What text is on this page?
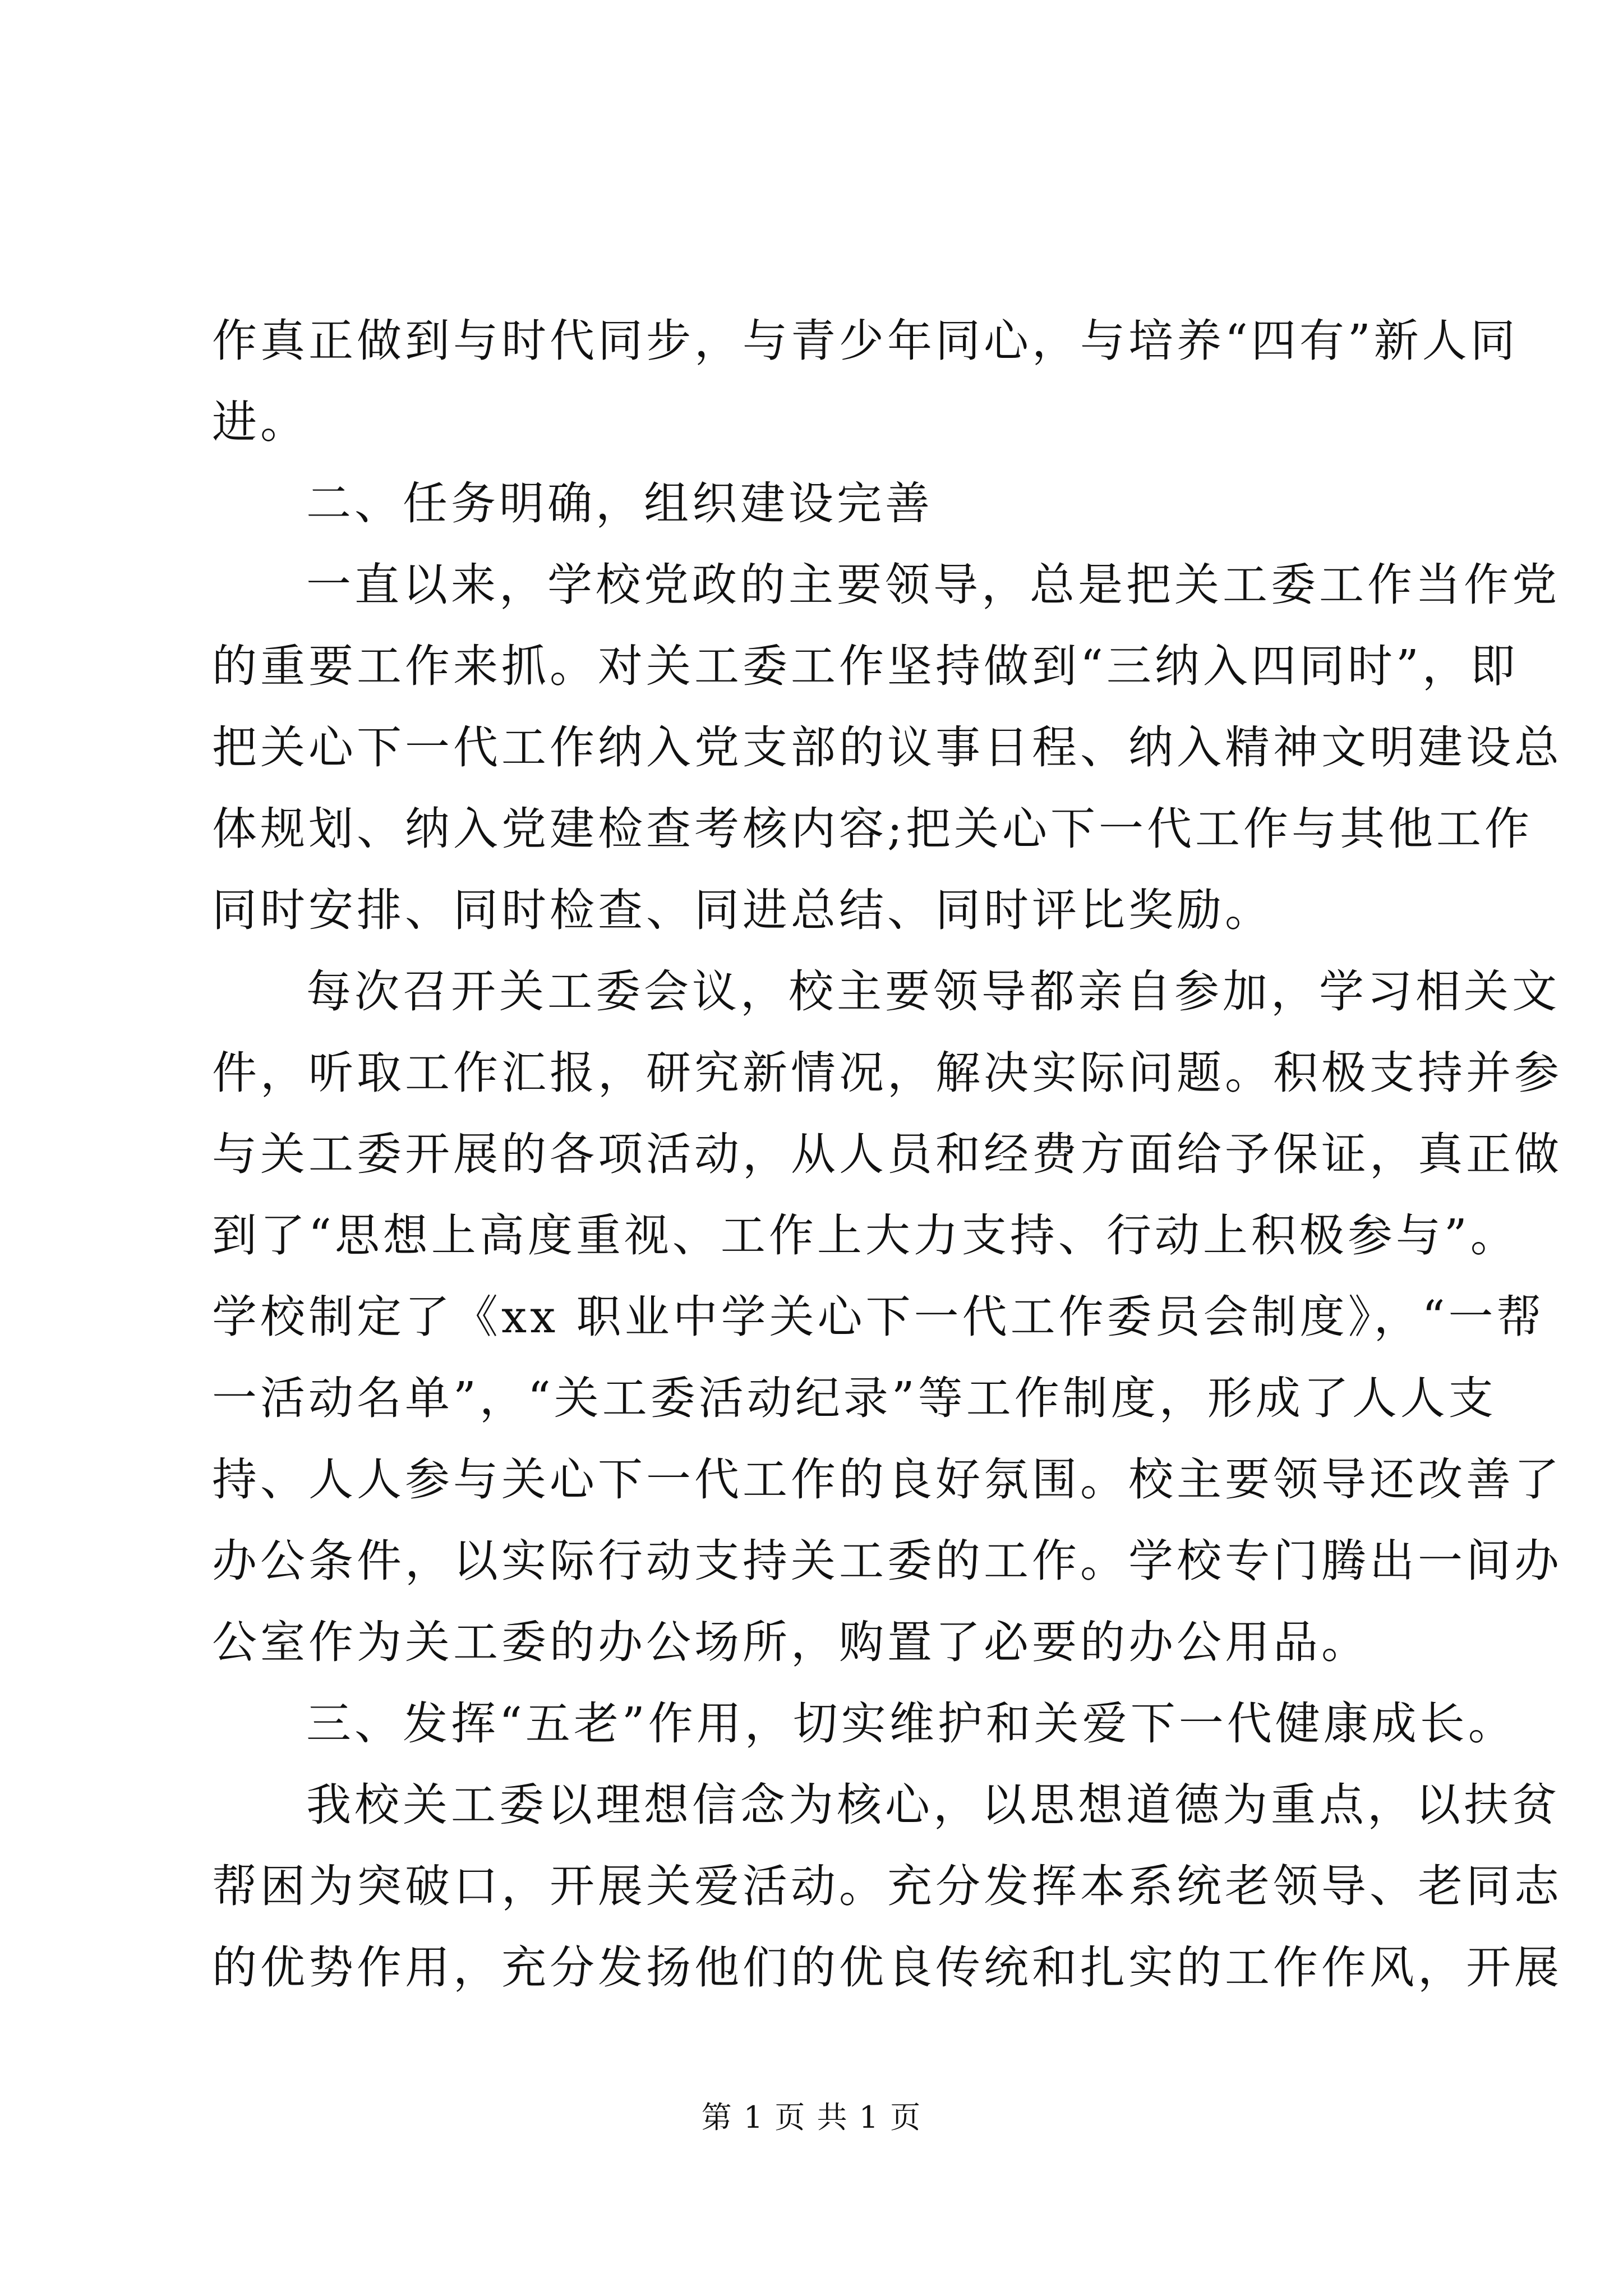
作真正做到与时代同步，与青少年同心，与培养“四有”新人同
进。
二、任务明确，组织建设完善
一直以来，学校党政的主要领导，总是把关工委工作当作党
的重要工作来抓。对关工委工作坚持做到“三纳入四同时”，即
把关心下一代工作纳入党支部的议事日程、纳入精神文明建设总
体规划、纳入党建检查考核内容;把关心下一代工作与其他工作
同时安排、同时检查、同进总结、同时评比奖励。
每次召开关工委会议，校主要领导都亲自参加，学习相关文
件，听取工作汇报，研究新情况，解决实际问题。积极支持并参
与关工委开展的各项活动，从人员和经费方面给予保证，真正做
到了“思想上高度重视、工作上大力支持、行动上积极参与”。
学校制定了《xx 职业中学关心下一代工作委员会制度》，“一帮
一活动名单”，“关工委活动纪录”等工作制度，形成了人人支
持、人人参与关心下一代工作的良好氛围。校主要领导还改善了
办公条件，以实际行动支持关工委的工作。学校专门腾出一间办
公室作为关工委的办公场所，购置了必要的办公用品。
三、发挥“五老”作用，切实维护和关爱下一代健康成长。
我校关工委以理想信念为核心，以思想道德为重点，以扶贫
帮困为突破口，开展关爱活动。充分发挥本系统老领导、老同志
的优势作用，充分发扬他们的优良传统和扎实的工作作风，开展
第 1 页 共 1 页
